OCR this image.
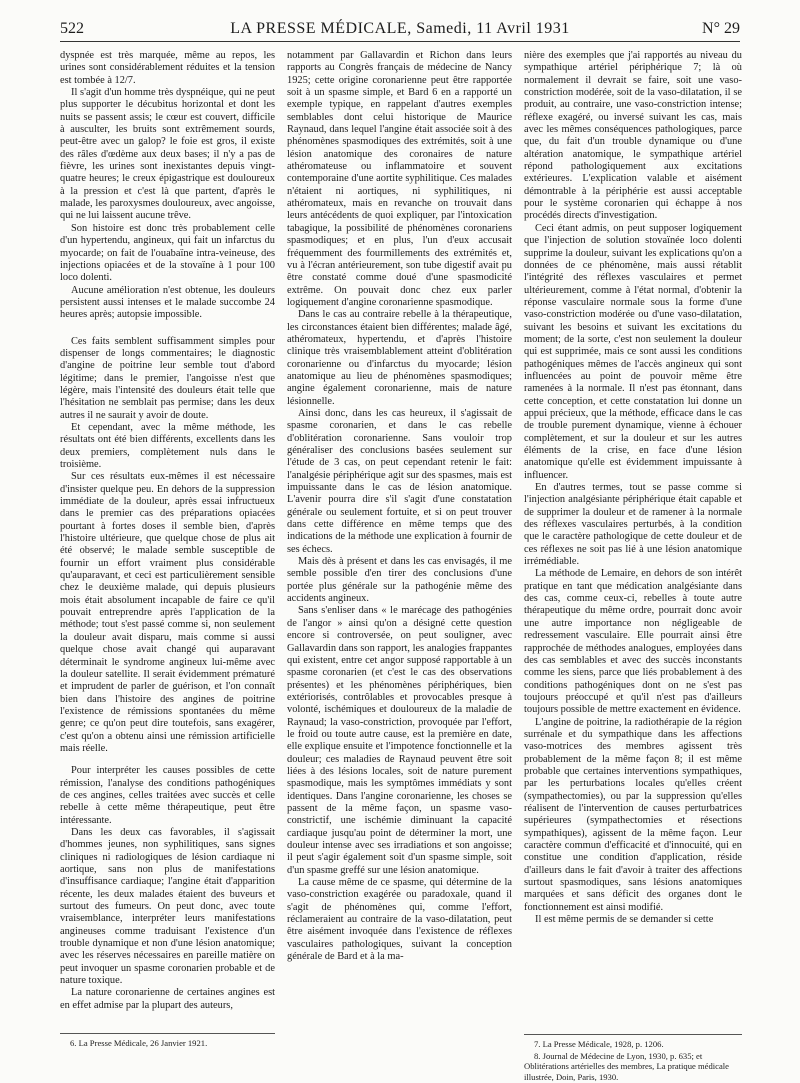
522	LA PRESSE MÉDICALE, Samedi, 11 Avril 1931	N° 29

dyspnée est très marquée, même au repos, les urines sont considérablement réduites et la tension est tombée à 12/7.

Il s'agit d'un homme très dyspnéique, qui ne peut plus supporter le décubitus horizontal et dont les nuits se passent assis; le cœur est couvert, difficile à ausculter, les bruits sont extrêmement sourds, peut-être avec un galop? le foie est gros, il existe des râles d'œdème aux deux bases; il n'y a pas de fièvre, les urines sont inexistantes depuis vingt-quatre heures; le creux épigastrique est douloureux à la pression et c'est là que partent, d'après le malade, les paroxysmes douloureux, avec angoisse, qui ne lui laissent aucune trêve.

Son histoire est donc très probablement celle d'un hypertendu, angineux, qui fait un infarctus du myocarde; on fait de l'ouabaïne intra-veineuse, des injections opiacées et de la stovaïne à 1 pour 100 loco dolenti.

Aucune amélioration n'est obtenue, les douleurs persistent aussi intenses et le malade succombe 24 heures après; autopsie impossible.

Ces faits semblent suffisamment simples pour dispenser de longs commentaires; le diagnostic d'angine de poitrine leur semble tout d'abord légitime; dans le premier, l'angoisse n'est que légère, mais l'intensité des douleurs était telle que l'hésitation ne semblait pas permise; dans les deux autres il ne saurait y avoir de doute.

Et cependant, avec la même méthode, les résultats ont été bien différents, excellents dans les deux premiers, complètement nuls dans le troisième.

Sur ces résultats eux-mêmes il est nécessaire d'insister quelque peu. En dehors de la suppression immédiate de la douleur, après essai infructueux dans le premier cas des préparations opiacées pourtant à fortes doses il semble bien, d'après l'histoire ultérieure, que quelque chose de plus ait été observé; le malade semble susceptible de fournir un effort vraiment plus considérable qu'auparavant, et ceci est particulièrement sensible chez le deuxième malade, qui depuis plusieurs mois était absolument incapable de faire ce qu'il pouvait entreprendre après l'application de la méthode; tout s'est passé comme si, non seulement la douleur avait disparu, mais comme si aussi quelque chose avait changé qui auparavant déterminait le syndrome angineux lui-même avec la douleur satellite. Il serait évidemment prématuré et imprudent de parler de guérison, et l'on connaît bien dans l'histoire des angines de poitrine l'existence de rémissions spontanées du même genre; ce qu'on peut dire toutefois, sans exagérer, c'est qu'on a obtenu ainsi une rémission artificielle mais réelle.

Pour interpréter les causes possibles de cette rémission, l'analyse des conditions pathogéniques de ces angines, celles traitées avec succès et celle rebelle à cette même thérapeutique, peut être intéressante.

Dans les deux cas favorables, il s'agissait d'hommes jeunes, non syphilitiques, sans signes cliniques ni radiologiques de lésion cardiaque ni aortique, sans non plus de manifestations d'insuffisance cardiaque; l'angine était d'apparition récente, les deux malades étaient des buveurs et surtout des fumeurs. On peut donc, avec toute vraisemblance, interpréter leurs manifestations angineuses comme traduisant l'existence d'un trouble dynamique et non d'une lésion anatomique; avec les réserves nécessaires en pareille matière on peut invoquer un spasme coronarien probable et de nature toxique.

La nature coronarienne de certaines angines est en effet admise par la plupart des auteurs,

notamment par Gallavardin et Richon dans leurs rapports au Congrès français de médecine de Nancy 1925; cette origine coronarienne peut être rapportée soit à un spasme simple, et Bard 6 en a rapporté un exemple typique, en rappelant d'autres exemples semblables dont celui historique de Maurice Raynaud, dans lequel l'angine était associée soit à des phénomènes spasmodiques des extrémités, soit à une lésion anatomique des coronaires de nature athéromateuse ou inflammatoire et souvent contemporaine d'une aortite syphilitique. Ces malades n'étaient ni aortiques, ni syphilitiques, ni athéromateux, mais en revanche on trouvait dans leurs antécédents de quoi expliquer, par l'intoxication tabagique, la possibilité de phénomènes coronariens spasmodiques; et en plus, l'un d'eux accusait fréquemment des fourmillements des extrémités et, vu à l'écran antérieurement, son tube digestif avait pu être constaté comme doué d'une spasmodicité extrême. On pouvait donc chez eux parler logiquement d'angine coronarienne spasmodique.

Dans le cas au contraire rebelle à la thérapeutique, les circonstances étaient bien différentes; malade âgé, athéromateux, hypertendu, et d'après l'histoire clinique très vraisemblablement atteint d'oblitération coronarienne ou d'infarctus du myocarde; lésion anatomique au lieu de phénomènes spasmodiques; angine également coronarienne, mais de nature lésionnelle.

Ainsi donc, dans les cas heureux, il s'agissait de spasme coronarien, et dans le cas rebelle d'oblitération coronarienne. Sans vouloir trop généraliser des conclusions basées seulement sur l'étude de 3 cas, on peut cependant retenir le fait: l'analgésie périphérique agit sur des spasmes, mais est impuissante dans le cas de lésion anatomique. L'avenir pourra dire s'il s'agit d'une constatation générale ou seulement fortuite, et si on peut trouver dans cette différence en même temps que des indications de la méthode une explication à fournir de ses échecs.

Mais dès à présent et dans les cas envisagés, il me semble possible d'en tirer des conclusions d'une portée plus générale sur la pathogénie même des accidents angineux.

Sans s'enliser dans « le marécage des pathogénies de l'angor » ainsi qu'on a désigné cette question encore si controversée, on peut souligner, avec Gallavardin dans son rapport, les analogies frappantes qui existent, entre cet angor supposé rapportable à un spasme coronarien (et c'est le cas des observations présentes) et les phénomènes périphériques, bien extériorisés, contrôlables et provocables presque à volonté, ischémiques et douloureux de la maladie de Raynaud; la vaso-constriction, provoquée par l'effort, le froid ou toute autre cause, est la première en date, elle explique ensuite et l'impotence fonctionnelle et la douleur; ces maladies de Raynaud peuvent être soit liées à des lésions locales, soit de nature purement spasmodique, mais les symptômes immédiats y sont identiques. Dans l'angine coronarienne, les choses se passent de la même façon, un spasme vaso-constrictif, une ischémie diminuant la capacité cardiaque jusqu'au point de déterminer la mort, une douleur intense avec ses irradiations et son angoisse; il peut s'agir également soit d'un spasme simple, soit d'un spasme greffé sur une lésion anatomique.

La cause même de ce spasme, qui détermine de la vaso-constriction exagérée ou paradoxale, quand il s'agit de phénomènes qui, comme l'effort, réclameraient au contraire de la vaso-dilatation, peut être aisément invoquée dans l'existence de réflexes vasculaires pathologiques, suivant la conception générale de Bard et à la ma-

nière des exemples que j'ai rapportés au niveau du sympathique artériel périphérique 7; là où normalement il devrait se faire, soit une vaso-constriction modérée, soit de la vaso-dilatation, il se produit, au contraire, une vaso-constriction intense; réflexe exagéré, ou inversé suivant les cas, mais avec les mêmes conséquences pathologiques, parce que, du fait d'un trouble dynamique ou d'une altération anatomique, le sympathique artériel répond pathologiquement aux excitations extérieures. L'explication valable et aisément démontrable à la périphérie est aussi acceptable pour le système coronarien qui échappe à nos procédés directs d'investigation.

Ceci étant admis, on peut supposer logiquement que l'injection de solution stovaïnée loco dolenti supprime la douleur, suivant les explications qu'on a données de ce phénomène, mais aussi rétablit l'intégrité des réflexes vasculaires et permet ultérieurement, comme à l'état normal, d'obtenir la réponse vasculaire normale sous la forme d'une vaso-constriction modérée ou d'une vaso-dilatation, suivant les besoins et suivant les excitations du moment; de la sorte, c'est non seulement la douleur qui est supprimée, mais ce sont aussi les conditions pathogéniques mêmes de l'accès angineux qui sont influencées au point de pouvoir même être ramenées à la normale. Il n'est pas étonnant, dans cette conception, et cette constatation lui donne un appui précieux, que la méthode, efficace dans le cas de trouble purement dynamique, vienne à échouer complètement, et sur la douleur et sur les autres éléments de la crise, en face d'une lésion anatomique qu'elle est évidemment impuissante à influencer.

En d'autres termes, tout se passe comme si l'injection analgésiante périphérique était capable et de supprimer la douleur et de ramener à la normale des réflexes vasculaires perturbés, à la condition que le caractère pathologique de cette douleur et de ces réflexes ne soit pas lié à une lésion anatomique irrémédiable.

La méthode de Lemaire, en dehors de son intérêt pratique en tant que médication analgésiante dans des cas, comme ceux-ci, rebelles à toute autre thérapeutique du même ordre, pourrait donc avoir une autre importance non négligeable de redressement vasculaire. Elle pourrait ainsi être rapprochée de méthodes analogues, employées dans des cas semblables et avec des succès inconstants comme les siens, parce que liés probablement à des conditions pathogéniques dont on ne s'est pas toujours préoccupé et qu'il n'est pas d'ailleurs toujours possible de mettre exactement en évidence.

L'angine de poitrine, la radiothérapie de la région surrénale et du sympathique dans les affections vaso-motrices des membres agissent très probablement de la même façon 8; il est même probable que certaines interventions sympathiques, par les perturbations locales qu'elles créent (sympathectomies), ou par la suppression qu'elles réalisent de l'intervention de causes perturbatrices supérieures (sympathectomies et résections sympathiques), agissent de la même façon. Leur caractère commun d'efficacité et d'innocuité, qui en constitue une condition d'application, réside d'ailleurs dans le fait d'avoir à traiter des affections surtout spasmodiques, sans lésions anatomiques marquées et sans déficit des organes dont le fonctionnement est ainsi modifié.

Il est même permis de se demander si cette

6. La Presse Médicale, 26 Janvier 1921.	7. La Presse Médicale, 1928, p. 1206.

8. Journal de Médecine de Lyon, 1930, p. 635; et Oblitérations artérielles des membres, La pratique médicale illustrée, Doin, Paris, 1930.
